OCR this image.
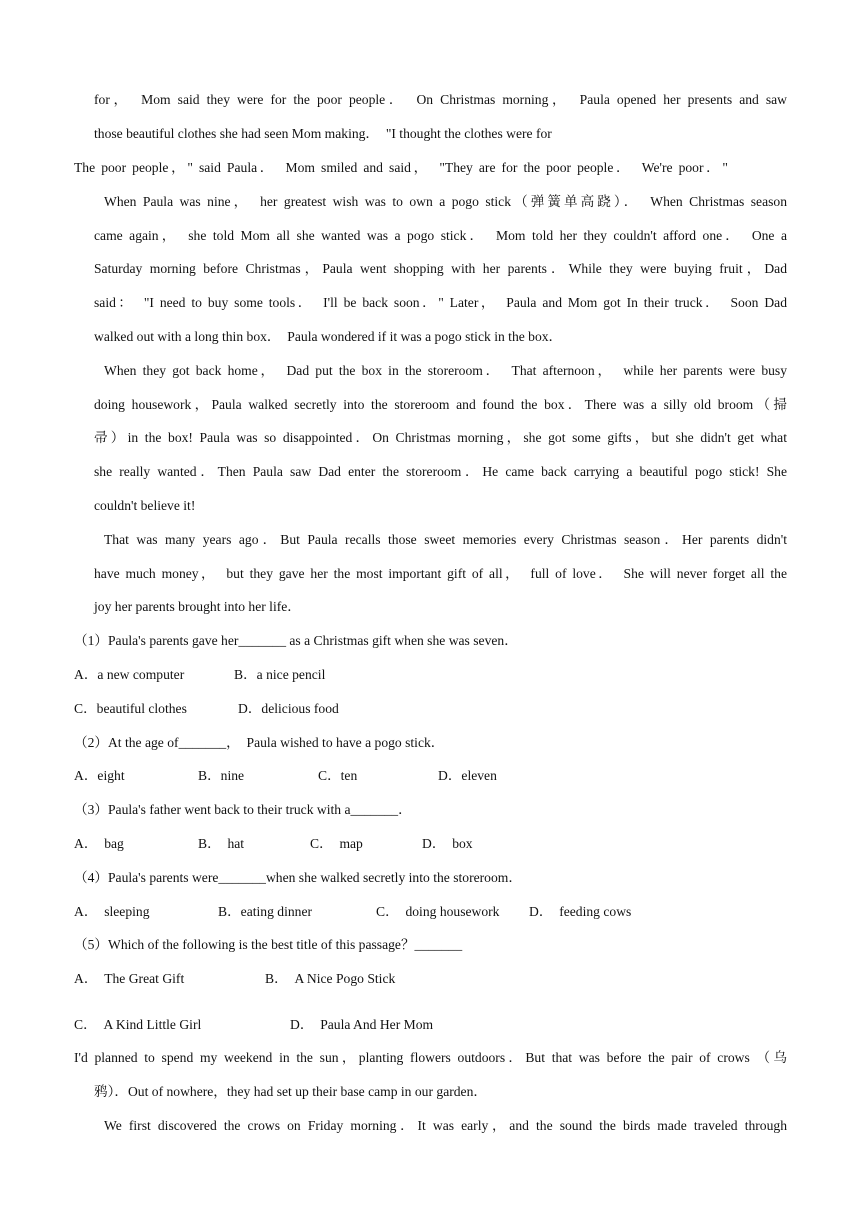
for，　Mom said they were for the poor people．　On Christmas morning，　Paula opened her presents and saw
those beautiful clothes she had seen Mom making．　"I thought the clothes were for
The poor people，" said Paula．　Mom smiled and said，　"They are for the poor people．　We're poor．"
When Paula was nine，　her greatest wish was to own a pogo stick（弹簧单高跷）．　When Christmas season
came again，　she told Mom all she wanted was a pogo stick．　Mom told her they couldn't afford one．　One a
Saturday morning before Christmas，Paula went shopping with her parents．While they were buying fruit，Dad
said：　"I need to buy some tools．　I'll be back soon．" Later，　Paula and Mom got In their truck．　Soon Dad
walked out with a long thin box．　Paula wondered if it was a pogo stick in the box．
When they got back home，　Dad put the box in the storeroom．　That afternoon，　while her parents were busy
doing housework，Paula walked secretly into the storeroom and found the box．There was a silly old broom（掃
帚）in the box! Paula was so disappointed．On Christmas morning，she got some gifts，but she didn't get what
she really wanted．Then Paula saw Dad enter the storeroom．He came back carrying a beautiful pogo stick! She
couldn't believe it!
That was many years ago．But Paula recalls those sweet memories every Christmas season．Her parents didn't
have much money，　but they gave her the most important gift of all，　full of love．　She will never forget all the
joy her parents brought into her life．
（1）Paula's parents gave her_______ as a Christmas gift when she was seven．
A．a new computer	B．a nice pencil
C．beautiful clothes	D．delicious food
（2）At the age of_______，　Paula wished to have a pogo stick．
A．eight	B．nine	C．ten	D．eleven
（3）Paula's father went back to their truck with a_______．
A．　bag	B．　hat	C．　map	D．　box
（4）Paula's parents were_______when she walked secretly into the storeroom．
A．　sleeping	B．eating dinner	C．　doing housework D．　feeding cows
（5）Which of the following is the best title of this passage？_______
A．　The Great Gift	B．　A Nice Pogo Stick
C．　A Kind Little Girl	D．　Paula And Her Mom
I'd planned to spend my weekend in the sun，planting flowers outdoors．But that was before the pair of crows （乌
鸦）．Out of nowhere，they had set up their base camp in our garden．
We first discovered the crows on Friday morning．It was early，and the sound the birds made traveled through
